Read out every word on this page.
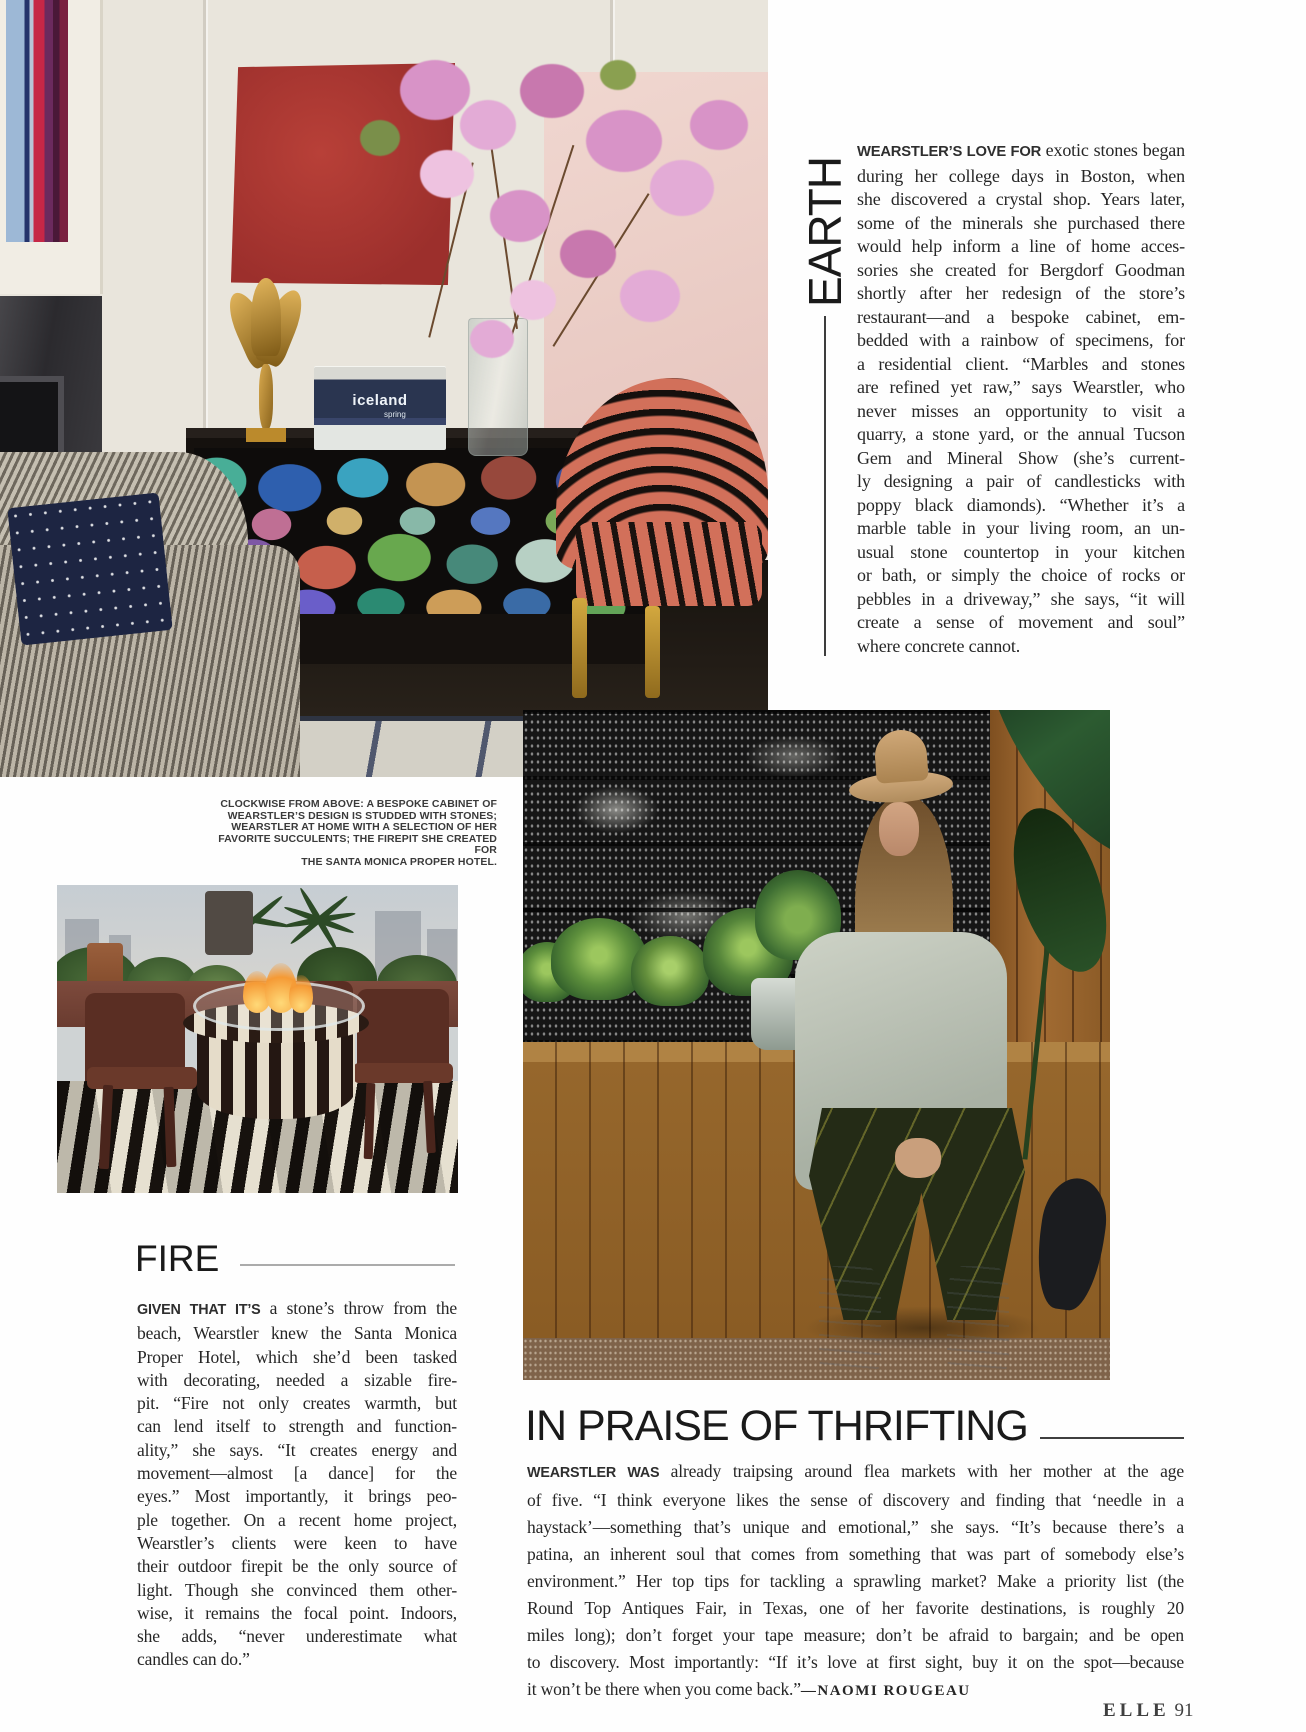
iceland
spring
EARTH
WEARSTLER’S LOVE FOR exotic stones began
during her college days in Boston, when
she discovered a crystal shop. Years later,
some of the minerals she purchased there
would help inform a line of home acces-
sories she created for Bergdorf Goodman
shortly after her redesign of the store’s
restaurant—and a bespoke cabinet, em-
bedded with a rainbow of specimens, for
a residential client. “Marbles and stones
are refined yet raw,” says Wearstler, who
never misses an opportunity to visit a
quarry, a stone yard, or the annual Tucson
Gem and Mineral Show (she’s current-
ly designing a pair of candlesticks with
poppy black diamonds). “Whether it’s a
marble table in your living room, an un-
usual stone countertop in your kitchen
or bath, or simply the choice of rocks or
pebbles in a driveway,” she says, “it will
create a sense of movement and soul”
where concrete cannot.
CLOCKWISE FROM ABOVE: A BESPOKE CABINET OF
WEARSTLER’S DESIGN IS STUDDED WITH STONES;
WEARSTLER AT HOME WITH A SELECTION OF HER
FAVORITE SUCCULENTS; THE FIREPIT SHE CREATED FOR
THE SANTA MONICA PROPER HOTEL.
FIRE
GIVEN THAT IT’S a stone’s throw from the
beach, Wearstler knew the Santa Monica
Proper Hotel, which she’d been tasked
with decorating, needed a sizable fire-
pit. “Fire not only creates warmth, but
can lend itself to strength and function-
ality,” she says. “It creates energy and
movement—almost [a dance] for the
eyes.” Most importantly, it brings peo-
ple together. On a recent home project,
Wearstler’s clients were keen to have
their outdoor firepit be the only source of
light. Though she convinced them other-
wise, it remains the focal point. Indoors,
she adds, “never underestimate what
candles can do.”
IN PRAISE OF THRIFTING
WEARSTLER WAS already traipsing around flea markets with her mother at the age
of five. “I think everyone likes the sense of discovery and finding that ‘needle in a
haystack’—something that’s unique and emotional,” she says. “It’s because there’s a
patina, an inherent soul that comes from something that was part of somebody else’s
environment.” Her top tips for tackling a sprawling market? Make a priority list (the
Round Top Antiques Fair, in Texas, one of her favorite destinations, is roughly 20
miles long); don’t forget your tape measure; don’t be afraid to bargain; and be open
to discovery. Most importantly: “If it’s love at first sight, buy it on the spot—because
it won’t be there when you come back.”—NAOMI ROUGEAU
ELLE 91
